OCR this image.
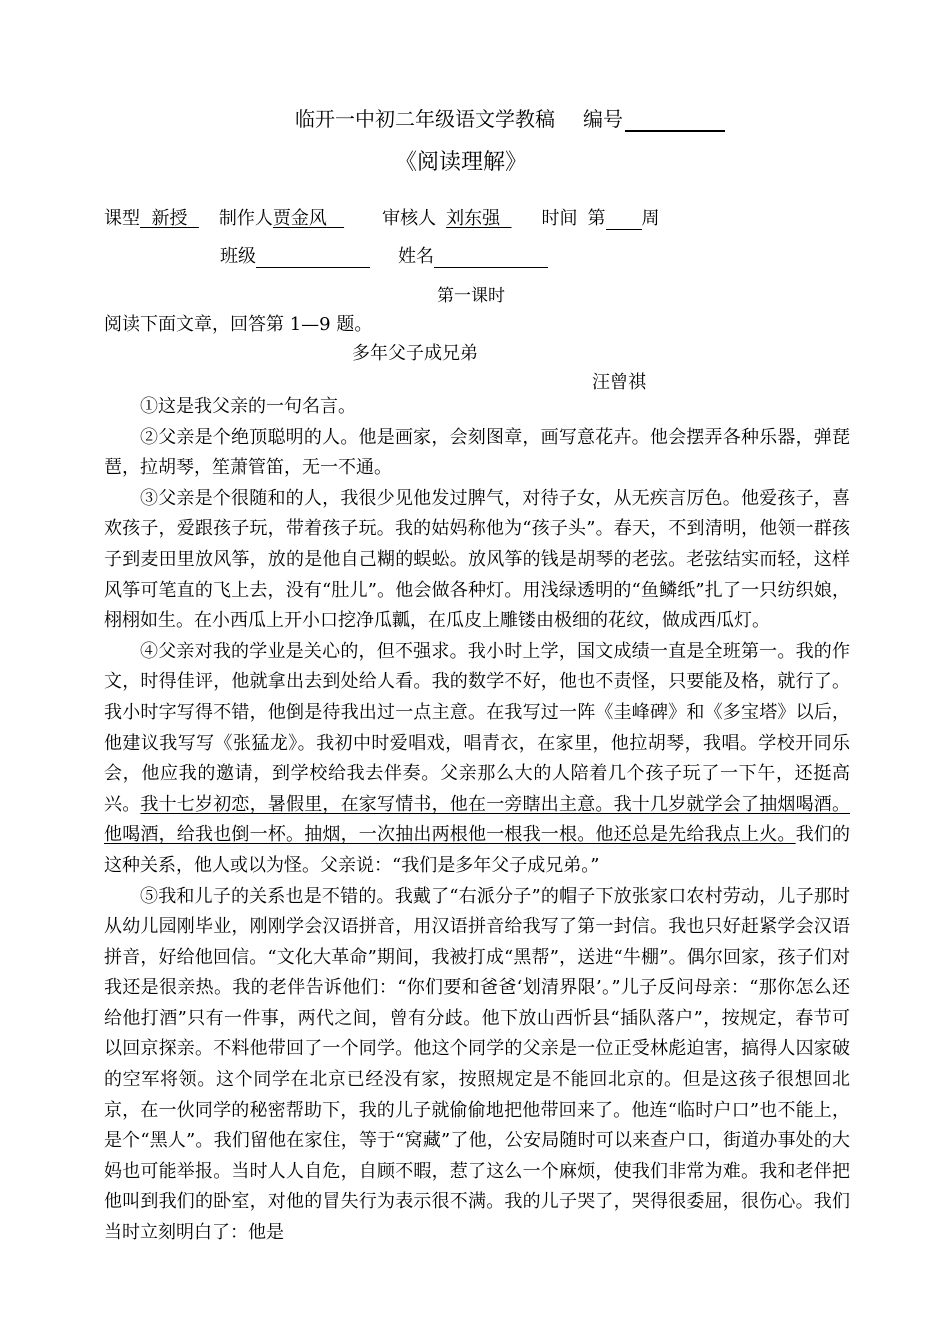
临开一中初二年级语文学教稿 编号
《阅读理解》
课型 新授 制作人贾金风	审核人 刘东强 时间 第 周
班级	姓名
第一课时
阅读下面文章，回答第 1—9 题。
多年父子成兄弟
汪曾祺

①这是我父亲的一句名言。

②父亲是个绝顶聪明的人。他是画家，会刻图章，画写意花卉。他会摆弄各种乐器，弹琵琶，拉胡琴，笙萧管笛，无一不通。

③父亲是个很随和的人，我很少见他发过脾气，对待子女，从无疾言厉色。他爱孩子，喜欢孩子，爱跟孩子玩，带着孩子玩。我的姑妈称他为“孩子头”。春天，不到清明，他领一群孩子到麦田里放风筝，放的是他自己糊的蜈蚣。放风筝的钱是胡琴的老弦。老弦结实而轻，这样风筝可笔直的飞上去，没有“肚儿”。他会做各种灯。用浅绿透明的“鱼鳞纸”扎了一只纺织娘，栩栩如生。在小西瓜上开小口挖净瓜瓤，在瓜皮上雕镂由极细的花纹，做成西瓜灯。

④父亲对我的学业是关心的，但不强求。我小时上学，国文成绩一直是全班第一。我的作文，时得佳评，他就拿出去到处给人看。我的数学不好，他也不责怪，只要能及格，就行了。我小时字写得不错，他倒是待我出过一点主意。在我写过一阵《圭峰碑》和《多宝塔》以后，他建议我写写《张猛龙》。我初中时爱唱戏，唱青衣，在家里，他拉胡琴，我唱。学校开同乐会，他应我的邀请，到学校给我去伴奏。父亲那么大的人陪着几个孩子玩了一下午，还挺高兴。我十七岁初恋，暑假里，在家写情书，他在一旁瞎出主意。我十几岁就学会了抽烟喝酒。他喝酒，给我也倒一杯。抽烟，一次抽出两根他一根我一根。他还总是先给我点上火。我们的这种关系，他人或以为怪。父亲说：“我们是多年父子成兄弟。”

⑤我和儿子的关系也是不错的。我戴了“右派分子”的帽子下放张家口农村劳动，儿子那时从幼儿园刚毕业，刚刚学会汉语拼音，用汉语拼音给我写了第一封信。我也只好赶紧学会汉语拼音，好给他回信。“文化大革命”期间，我被打成“黑帮”，送进“牛棚”。偶尔回家，孩子们对我还是很亲热。我的老伴告诉他们：“你们要和爸爸‘划清界限’。”儿子反问母亲：“那你怎么还给他打酒”只有一件事，两代之间，曾有分歧。他下放山西忻县“插队落户”，按规定，春节可以回京探亲。不料他带回了一个同学。他这个同学的父亲是一位正受林彪迫害，搞得人囚家破的空军将领。这个同学在北京已经没有家，按照规定是不能回北京的。但是这孩子很想回北京，在一伙同学的秘密帮助下，我的儿子就偷偷地把他带回来了。他连“临时户口”也不能上，是个“黑人”。我们留他在家住，等于“窝藏”了他，公安局随时可以来查户口，街道办事处的大妈也可能举报。当时人人自危，自顾不暇，惹了这么一个麻烦，使我们非常为难。我和老伴把他叫到我们的卧室，对他的冒失行为表示很不满。我的儿子哭了，哭得很委屈，很伤心。我们当时立刻明白了：他是
